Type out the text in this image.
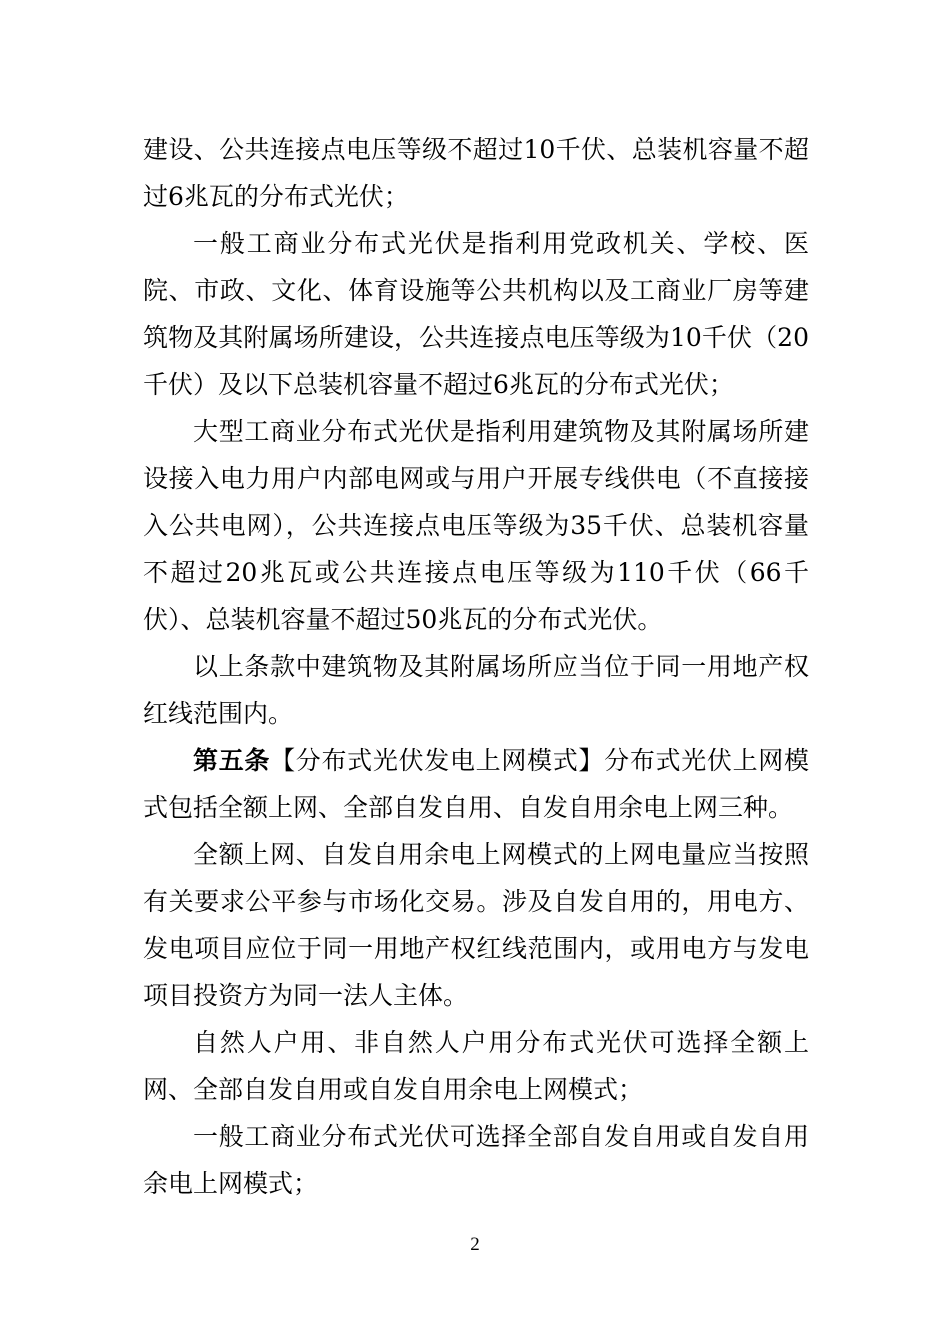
建设、公共连接点电压等级不超过10千伏、总装机容量不超过6兆瓦的分布式光伏；

一般工商业分布式光伏是指利用党政机关、学校、医院、市政、文化、体育设施等公共机构以及工商业厂房等建筑物及其附属场所建设，公共连接点电压等级为10千伏（20千伏）及以下总装机容量不超过6兆瓦的分布式光伏；

大型工商业分布式光伏是指利用建筑物及其附属场所建设接入电力用户内部电网或与用户开展专线供电（不直接接入公共电网），公共连接点电压等级为35千伏、总装机容量不超过20兆瓦或公共连接点电压等级为110千伏（66千伏）、总装机容量不超过50兆瓦的分布式光伏。

以上条款中建筑物及其附属场所应当位于同一用地产权红线范围内。

第五条【分布式光伏发电上网模式】分布式光伏上网模式包括全额上网、全部自发自用、自发自用余电上网三种。

全额上网、自发自用余电上网模式的上网电量应当按照有关要求公平参与市场化交易。涉及自发自用的，用电方、发电项目应位于同一用地产权红线范围内，或用电方与发电项目投资方为同一法人主体。

自然人户用、非自然人户用分布式光伏可选择全额上网、全部自发自用或自发自用余电上网模式；

一般工商业分布式光伏可选择全部自发自用或自发自用余电上网模式；

2
